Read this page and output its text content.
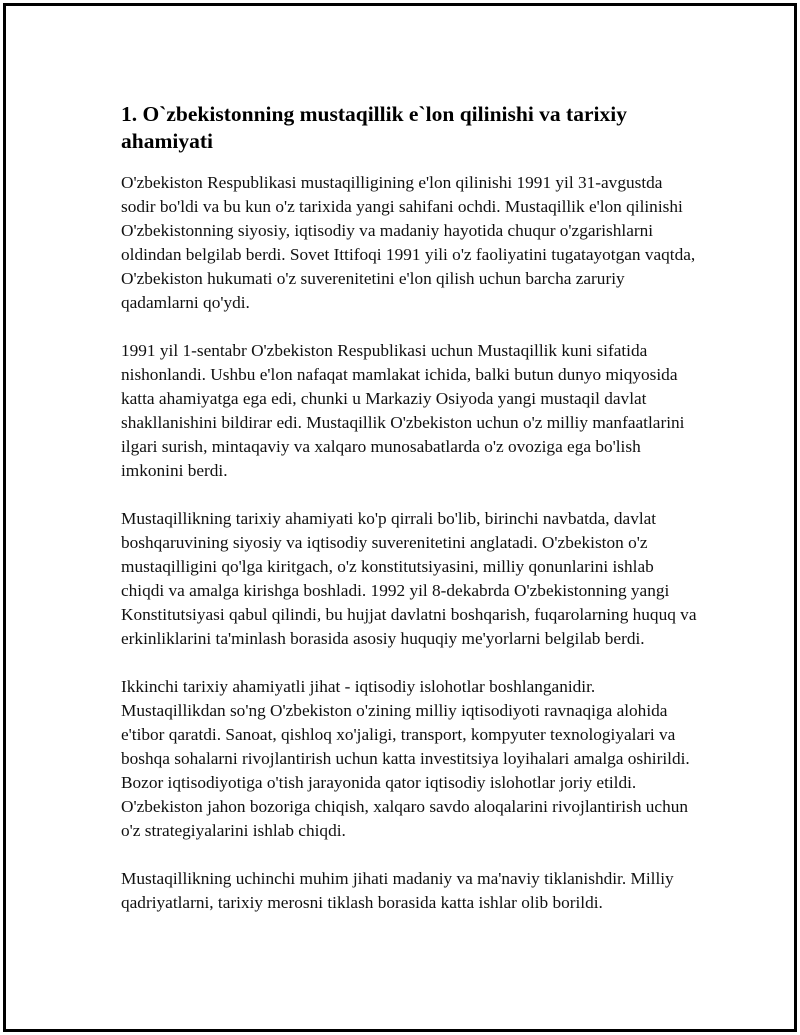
1. O`zbekistonning mustaqillik e`lon qilinishi va tarixiy ahamiyati

O'zbekiston Respublikasi mustaqilligining e'lon qilinishi 1991 yil 31-avgustda sodir bo'ldi va bu kun o'z tarixida yangi sahifani ochdi. Mustaqillik e'lon qilinishi O'zbekistonning siyosiy, iqtisodiy va madaniy hayotida chuqur o'zgarishlarni oldindan belgilab berdi. Sovet Ittifoqi 1991 yili o'z faoliyatini tugatayotgan vaqtda, O'zbekiston hukumati o'z suverenitetini e'lon qilish uchun barcha zaruriy qadamlarni qo'ydi.

1991 yil 1-sentabr O'zbekiston Respublikasi uchun Mustaqillik kuni sifatida nishonlandi. Ushbu e'lon nafaqat mamlakat ichida, balki butun dunyo miqyosida katta ahamiyatga ega edi, chunki u Markaziy Osiyoda yangi mustaqil davlat shakllanishini bildirar edi. Mustaqillik O'zbekiston uchun o'z milliy manfaatlarini ilgari surish, mintaqaviy va xalqaro munosabatlarda o'z ovoziga ega bo'lish imkonini berdi.

Mustaqillikning tarixiy ahamiyati ko'p qirrali bo'lib, birinchi navbatda, davlat boshqaruvining siyosiy va iqtisodiy suverenitetini anglatadi. O'zbekiston o'z mustaqilligini qo'lga kiritgach, o'z konstitutsiyasini, milliy qonunlarini ishlab chiqdi va amalga kirishga boshladi. 1992 yil 8-dekabrda O'zbekistonning yangi Konstitutsiyasi qabul qilindi, bu hujjat davlatni boshqarish, fuqarolarning huquq va erkinliklarini ta'minlash borasida asosiy huquqiy me'yorlarni belgilab berdi.

Ikkinchi tarixiy ahamiyatli jihat - iqtisodiy islohotlar boshlanganidir. Mustaqillikdan so'ng O'zbekiston o'zining milliy iqtisodiyoti ravnaqiga alohida e'tibor qaratdi. Sanoat, qishloq xo'jaligi, transport, kompyuter texnologiyalari va boshqa sohalarni rivojlantirish uchun katta investitsiya loyihalari amalga oshirildi. Bozor iqtisodiyotiga o'tish jarayonida qator iqtisodiy islohotlar joriy etildi. O'zbekiston jahon bozoriga chiqish, xalqaro savdo aloqalarini rivojlantirish uchun o'z strategiyalarini ishlab chiqdi.

Mustaqillikning uchinchi muhim jihati madaniy va ma'naviy tiklanishdir. Milliy qadriyatlarni, tarixiy merosni tiklash borasida katta ishlar olib borildi.
